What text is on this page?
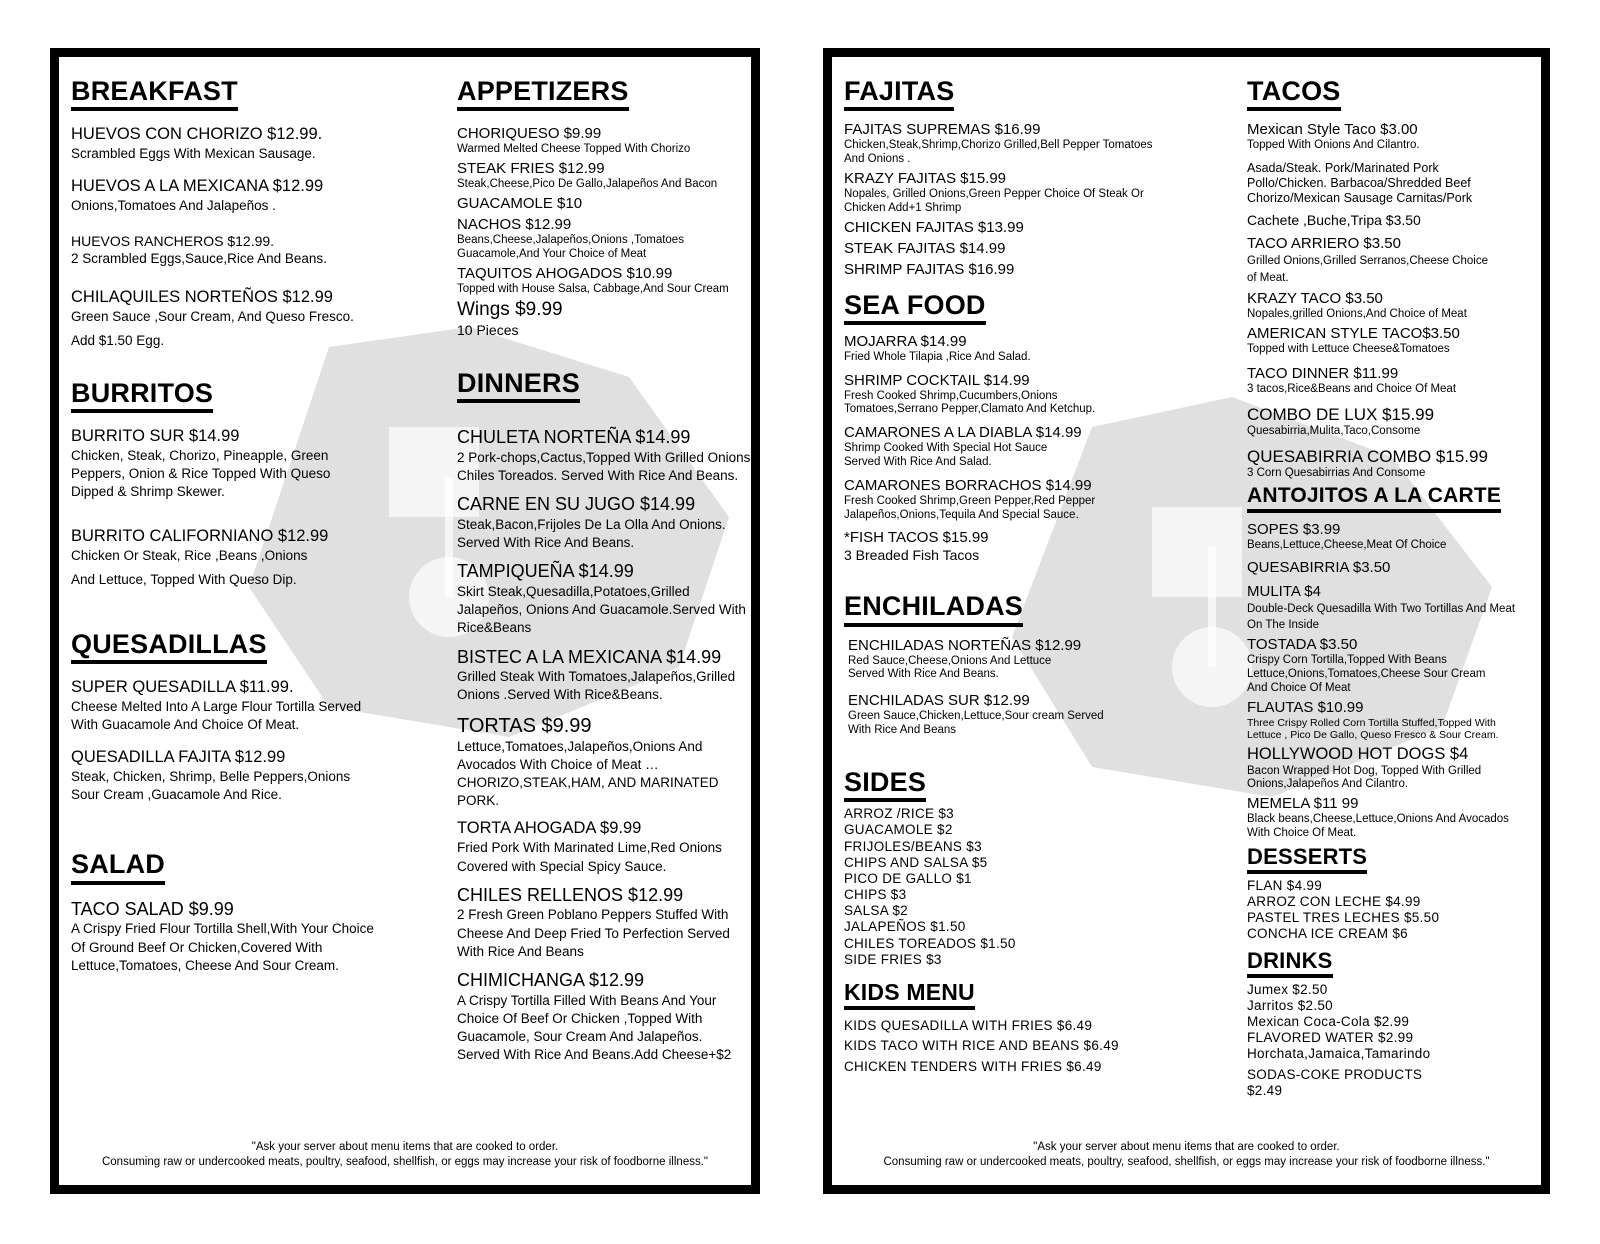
BREAKFAST
HUEVOS CON CHORIZO $12.99.
Scrambled Eggs With Mexican Sausage.
HUEVOS A LA MEXICANA $12.99
Onions,Tomatoes And Jalapeños .
HUEVOS RANCHEROS $12.99.
2 Scrambled Eggs,Sauce,Rice And Beans.
CHILAQUILES NORTEÑOS $12.99
Green Sauce ,Sour Cream, And Queso Fresco.
Add $1.50 Egg.
BURRITOS
BURRITO SUR $14.99
Chicken, Steak, Chorizo, Pineapple, Green Peppers, Onion & Rice Topped With Queso Dipped & Shrimp Skewer.
BURRITO CALIFORNIANO $12.99
Chicken Or Steak, Rice ,Beans ,Onions
And Lettuce, Topped With Queso Dip.
QUESADILLAS
SUPER QUESADILLA $11.99.
Cheese Melted Into A Large Flour Tortilla Served With Guacamole And Choice Of Meat.
QUESADILLA FAJITA $12.99
Steak, Chicken, Shrimp, Belle Peppers,Onions Sour Cream ,Guacamole And Rice.
SALAD
TACO SALAD $9.99
A Crispy Fried Flour Tortilla Shell,With Your Choice Of Ground Beef Or Chicken,Covered With Lettuce,Tomatoes, Cheese And Sour Cream.
APPETIZERS
CHORIQUESO $9.99
Warmed Melted Cheese Topped With Chorizo
STEAK FRIES $12.99
Steak,Cheese,Pico De Gallo,Jalapeños And Bacon
GUACAMOLE $10
NACHOS $12.99
Beans,Cheese,Jalapeños,Onions ,Tomatoes Guacamole,And Your Choice of Meat
TAQUITOS AHOGADOS $10.99
Topped with House Salsa, Cabbage,And Sour Cream
Wings $9.99
10 Pieces
DINNERS
CHULETA NORTEÑA $14.99
2 Pork-chops,Cactus,Topped With Grilled Onions Chiles Toreados. Served With Rice And Beans.
CARNE EN SU JUGO $14.99
Steak,Bacon,Frijoles De La Olla And Onions. Served With Rice And Beans.
TAMPIQUEÑA $14.99
Skirt Steak,Quesadilla,Potatoes,Grilled Jalapeños, Onions And Guacamole.Served With Rice&Beans
BISTEC A LA MEXICANA $14.99
Grilled Steak With Tomatoes,Jalapeños,Grilled Onions .Served With Rice&Beans.
TORTAS $9.99
Lettuce,Tomatoes,Jalapeños,Onions And Avocados With Choice of Meat …CHORIZO,STEAK,HAM, AND MARINATED PORK.
TORTA AHOGADA $9.99
Fried Pork With Marinated Lime,Red Onions Covered with Special Spicy Sauce.
CHILES RELLENOS $12.99
2 Fresh Green Poblano Peppers Stuffed With Cheese And Deep Fried To Perfection Served With Rice And Beans
CHIMICHANGA $12.99
A Crispy Tortilla Filled With Beans And Your Choice Of Beef Or Chicken ,Topped With Guacamole, Sour Cream And Jalapeños. Served With Rice And Beans.Add Cheese+$2
"Ask your server about menu items that are cooked to order.
Consuming raw or undercooked meats, poultry, seafood, shellfish, or eggs may increase your risk of foodborne illness."
FAJITAS
FAJITAS SUPREMAS $16.99
Chicken,Steak,Shrimp,Chorizo Grilled,Bell Pepper Tomatoes And Onions .
KRAZY FAJITAS $15.99
Nopales, Grilled Onions,Green Pepper Choice Of Steak Or Chicken Add+1 Shrimp
CHICKEN FAJITAS $13.99
STEAK FAJITAS $14.99
SHRIMP FAJITAS $16.99
SEA FOOD
MOJARRA $14.99
Fried Whole Tilapia ,Rice And Salad.
SHRIMP COCKTAIL $14.99
Fresh Cooked Shrimp,Cucumbers,Onions Tomatoes,Serrano Pepper,Clamato And Ketchup.
CAMARONES A LA DIABLA $14.99
Shrimp Cooked With Special Hot Sauce Served With Rice And Salad.
CAMARONES BORRACHOS $14.99
Fresh Cooked Shrimp,Green Pepper,Red Pepper Jalapeños,Onions,Tequila And Special Sauce.
*FISH TACOS $15.99
3 Breaded Fish Tacos
ENCHILADAS
ENCHILADAS NORTEÑAS $12.99
Red Sauce,Cheese,Onions And Lettuce Served With Rice And Beans.
ENCHILADAS SUR $12.99
Green Sauce,Chicken,Lettuce,Sour cream Served With Rice And Beans
SIDES
ARROZ /RICE $3
GUACAMOLE $2
FRIJOLES/BEANS $3
CHIPS AND SALSA $5
PICO DE GALLO $1
CHIPS $3
SALSA $2
JALAPEÑOS $1.50
CHILES TOREADOS $1.50
SIDE FRIES $3
KIDS MENU
KIDS QUESADILLA WITH FRIES $6.49
KIDS TACO WITH RICE AND BEANS $6.49
CHICKEN TENDERS WITH FRIES $6.49
TACOS
Mexican Style Taco $3.00
Topped With Onions And Cilantro.
Asada/Steak. Pork/Marinated Pork Pollo/Chicken. Barbacoa/Shredded Beef Chorizo/Mexican Sausage Carnitas/Pork
Cachete ,Buche,Tripa $3.50
TACO ARRIERO $3.50
Grilled Onions,Grilled Serranos,Cheese Choice of Meat.
KRAZY TACO $3.50
Nopales,grilled Onions,And Choice of Meat
AMERICAN STYLE TACO$3.50
Topped with Lettuce Cheese&Tomatoes
TACO DINNER $11.99
3 tacos,Rice&Beans and Choice Of Meat
COMBO DE LUX $15.99
Quesabirria,Mulita,Taco,Consome
QUESABIRRIA COMBO $15.99
3 Corn Quesabirrias And Consome
ANTOJITOS A LA CARTE
SOPES $3.99
Beans,Lettuce,Cheese,Meat Of Choice
QUESABIRRIA $3.50
MULITA $4
Double-Deck Quesadilla With Two Tortillas And Meat On The Inside
TOSTADA $3.50
Crispy Corn Tortilla,Topped With Beans Lettuce,Onions,Tomatoes,Cheese Sour Cream And Choice Of Meat
FLAUTAS $10.99
Three Crispy Rolled Corn Tortilla Stuffed,Topped With Lettuce , Pico De Gallo, Queso Fresco & Sour Cream.
HOLLYWOOD HOT DOGS $4
Bacon Wrapped Hot Dog, Topped With Grilled Onions,Jalapeños And Cilantro.
MEMELA $11 99
Black beans,Cheese,Lettuce,Onions And Avocados With Choice Of Meat.
DESSERTS
FLAN $4.99
ARROZ CON LECHE $4.99
PASTEL TRES LECHES $5.50
CONCHA ICE CREAM $6
DRINKS
Jumex $2.50
Jarritos $2.50
Mexican Coca-Cola $2.99
FLAVORED WATER $2.99
Horchata,Jamaica,Tamarindo
SODAS-COKE PRODUCTS
$2.49
"Ask your server about menu items that are cooked to order.
Consuming raw or undercooked meats, poultry, seafood, shellfish, or eggs may increase your risk of foodborne illness."
